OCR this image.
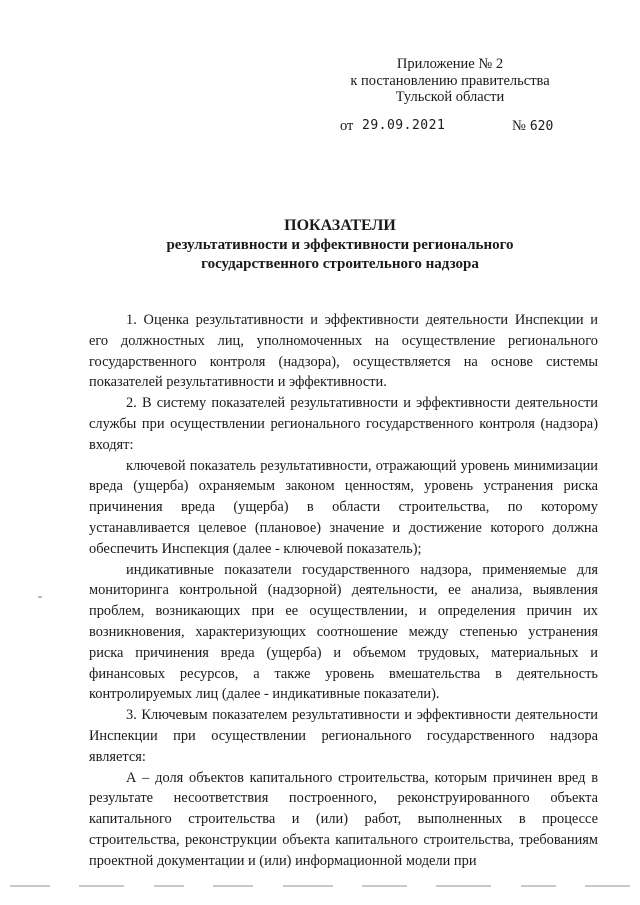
Приложение № 2
к постановлению правительства
Тульской области
от 29.09.2021	№ 620
ПОКАЗАТЕЛИ
результативности и эффективности регионального
государственного строительного надзора

1. Оценка результативности и эффективности деятельности Инспекции и его должностных лиц, уполномоченных на осуществление регионального государственного контроля (надзора), осуществляется на основе системы показателей результативности и эффективности.

2. В систему показателей результативности и эффективности деятельности службы при осуществлении регионального государственного контроля (надзора) входят:

ключевой показатель результативности, отражающий уровень минимизации вреда (ущерба) охраняемым законом ценностям, уровень устранения риска причинения вреда (ущерба) в области строительства, по которому устанавливается целевое (плановое) значение и достижение которого должна обеспечить Инспекция (далее - ключевой показатель);

индикативные показатели государственного надзора, применяемые для мониторинга контрольной (надзорной) деятельности, ее анализа, выявления проблем, возникающих при ее осуществлении, и определения причин их возникновения, характеризующих соотношение между степенью устранения риска причинения вреда (ущерба) и объемом трудовых, материальных и финансовых ресурсов, а также уровень вмешательства в деятельность контролируемых лиц (далее - индикативные показатели).

3. Ключевым показателем результативности и эффективности деятельности Инспекции при осуществлении регионального государственного надзора является:

А – доля объектов капитального строительства, которым причинен вред в результате несоответствия построенного, реконструированного объекта капитального строительства и (или) работ, выполненных в процессе строительства, реконструкции объекта капитального строительства, требованиям проектной документации и (или) информационной модели при
